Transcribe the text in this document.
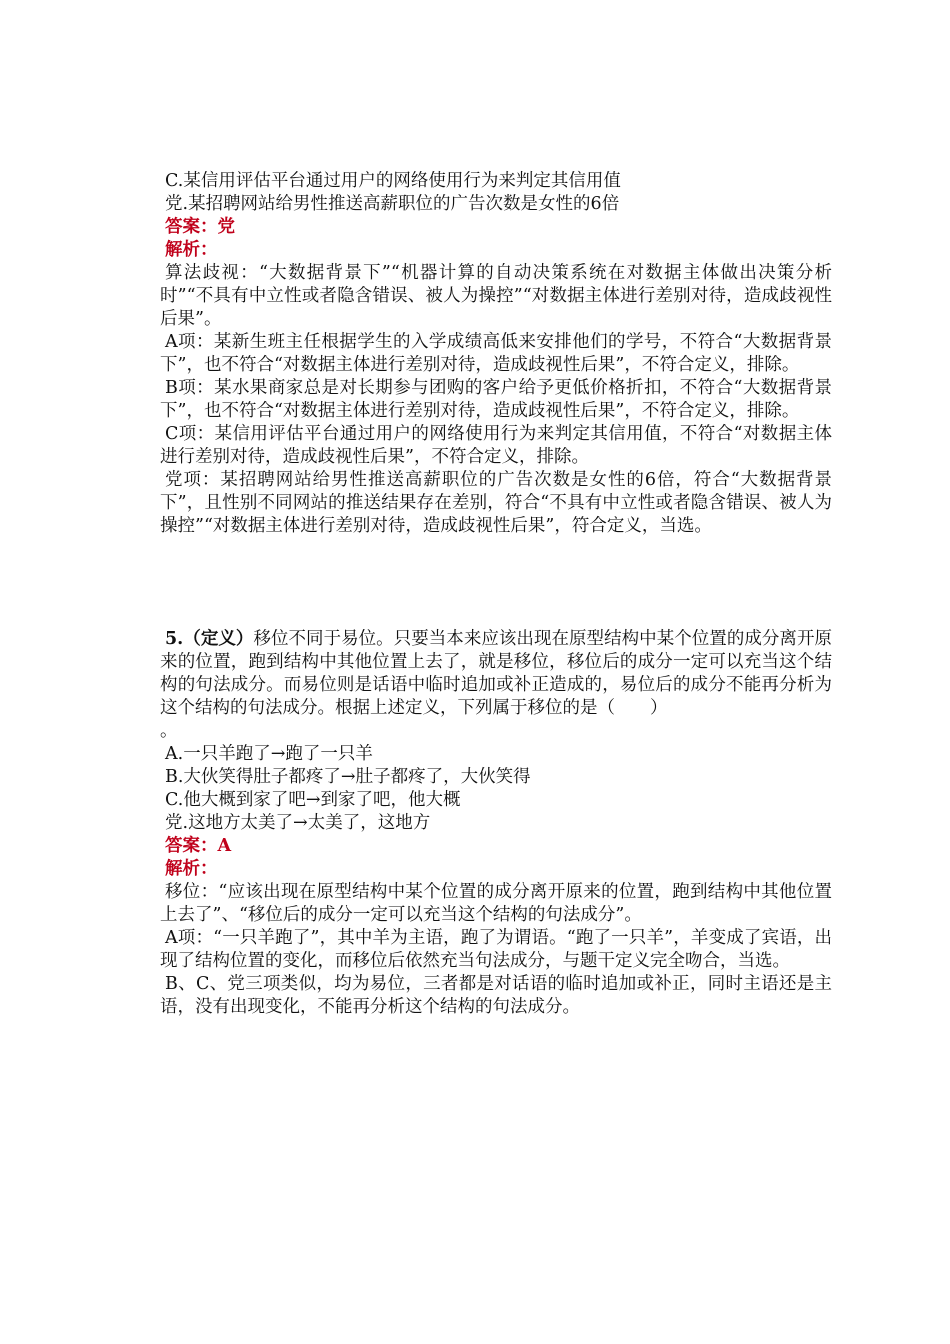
C.某信用评估平台通过用户的网络使用行为来判定其信用值

党.某招聘网站给男性推送高薪职位的广告次数是女性的6倍

答案：党

解析：

算法歧视：“大数据背景下”“机器计算的自动决策系统在对数据主体做出决策分析时”“不具有中立性或者隐含错误、被人为操控”“对数据主体进行差别对待，造成歧视性后果”。

A项：某新生班主任根据学生的入学成绩高低来安排他们的学号，不符合“大数据背景下”，也不符合“对数据主体进行差别对待，造成歧视性后果”，不符合定义，排除。

B项：某水果商家总是对长期参与团购的客户给予更低价格折扣，不符合“大数据背景下”，也不符合“对数据主体进行差别对待，造成歧视性后果”，不符合定义，排除。

C项：某信用评估平台通过用户的网络使用行为来判定其信用值，不符合“对数据主体进行差别对待，造成歧视性后果”，不符合定义，排除。

党项：某招聘网站给男性推送高薪职位的广告次数是女性的6倍，符合“大数据背景下”，且性别不同网站的推送结果存在差别，符合“不具有中立性或者隐含错误、被人为操控”“对数据主体进行差别对待，造成歧视性后果”，符合定义，当选。

5.（定义）移位不同于易位。只要当本来应该出现在原型结构中某个位置的成分离开原来的位置，跑到结构中其他位置上去了，就是移位，移位后的成分一定可以充当这个结构的句法成分。而易位则是话语中临时追加或补正造成的，易位后的成分不能再分析为这个结构的句法成分。根据上述定义，下列属于移位的是（　　）

。

A.一只羊跑了→跑了一只羊

B.大伙笑得肚子都疼了→肚子都疼了，大伙笑得

C.他大概到家了吧→到家了吧，他大概

党.这地方太美了→太美了，这地方

答案：A

解析：

移位：“应该出现在原型结构中某个位置的成分离开原来的位置，跑到结构中其他位置上去了”、“移位后的成分一定可以充当这个结构的句法成分”。

A项：“一只羊跑了”，其中羊为主语，跑了为谓语。“跑了一只羊”，羊变成了宾语，出现了结构位置的变化，而移位后依然充当句法成分，与题干定义完全吻合，当选。

B、C、党三项类似，均为易位，三者都是对话语的临时追加或补正，同时主语还是主语，没有出现变化，不能再分析这个结构的句法成分。
